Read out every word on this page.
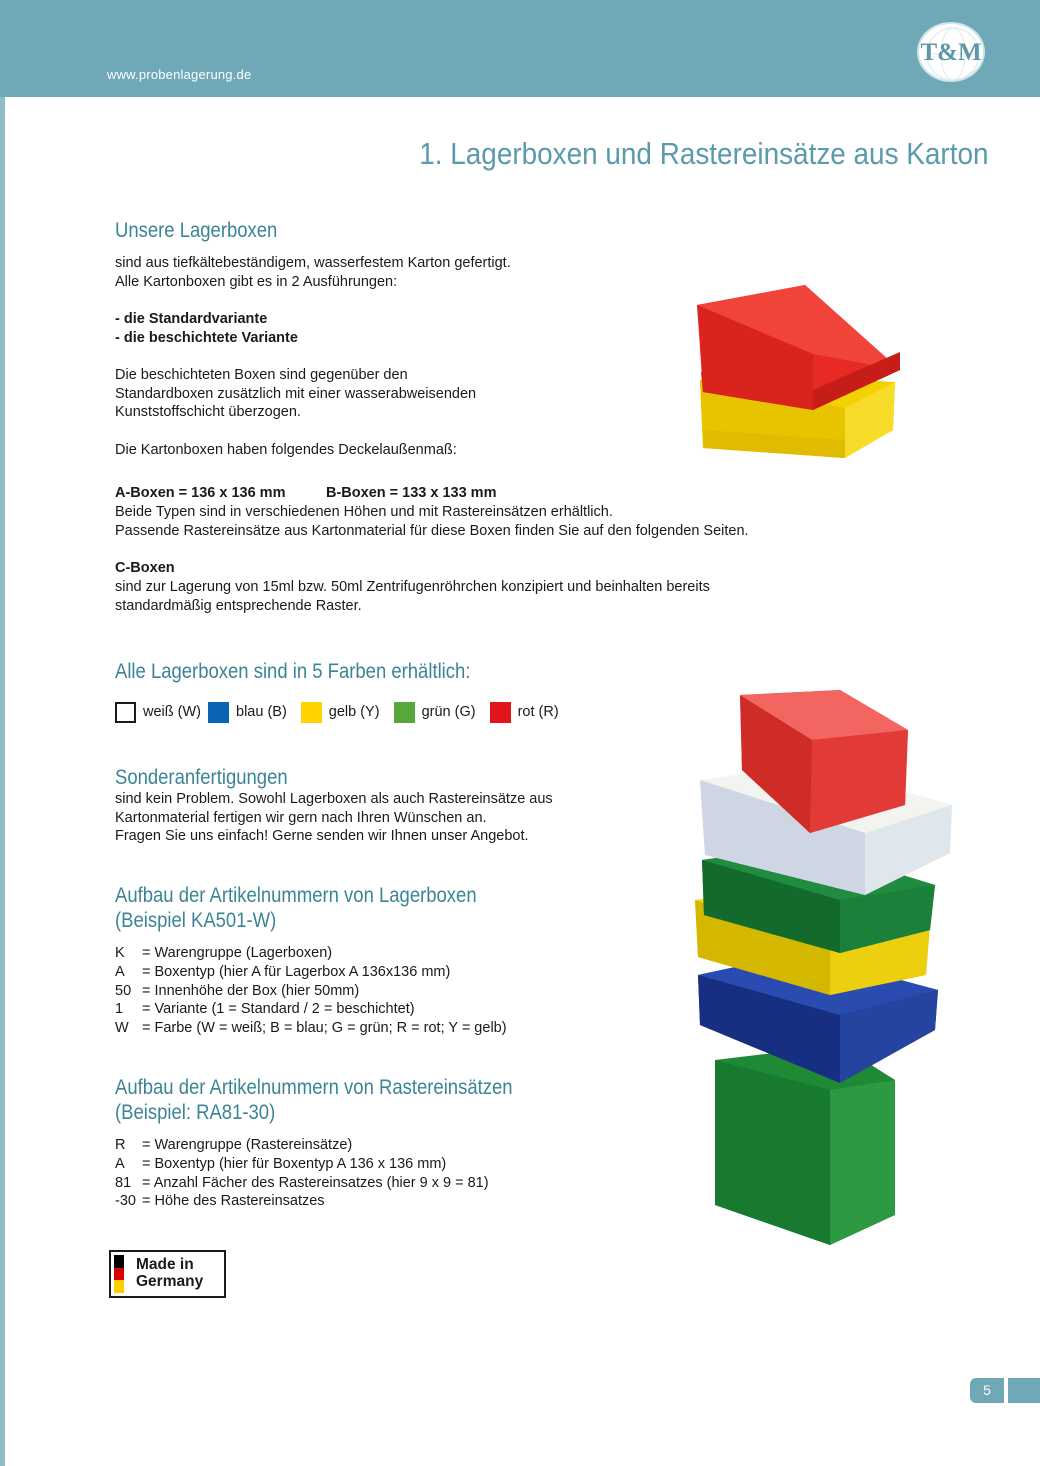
www.probenlagerung.de
T&M
1. Lagerboxen und Rastereinsätze aus Karton
Unsere Lagerboxen
sind aus tiefkältebeständigem, wasserfestem Karton gefertigt.
Alle Kartonboxen gibt es in 2 Ausführungen:
- die Standardvariante
- die beschichtete Variante
Die beschichteten Boxen sind gegenüber den
Standardboxen zusätzlich mit einer wasserabweisenden
Kunststoffschicht überzogen.
Die Kartonboxen haben folgendes Deckelaußenmaß:
A-Boxen = 136 x 136 mm	B-Boxen = 133 x 133 mm
Beide Typen sind in verschiedenen Höhen und mit Rastereinsätzen erhältlich.
Passende Rastereinsätze aus Kartonmaterial für diese Boxen finden Sie auf den folgenden Seiten.
C-Boxen
sind zur Lagerung von 15ml bzw. 50ml Zentrifugenröhrchen konzipiert und beinhalten bereits
standardmäßig entsprechende Raster.
Alle Lagerboxen sind in 5 Farben erhältlich:
weiß (W) blau (B)	gelb (Y)	grün (G)	rot (R)
Sonderanfertigungen
sind kein Problem. Sowohl Lagerboxen als auch Rastereinsätze aus
Kartonmaterial fertigen wir gern nach Ihren Wünschen an.
Fragen Sie uns einfach! Gerne senden wir Ihnen unser Angebot.
Aufbau der Artikelnummern von Lagerboxen
(Beispiel KA501-W)
K	= Warengruppe (Lagerboxen)
A	= Boxentyp (hier A für Lagerbox A 136x136 mm)
50 = Innenhöhe der Box (hier 50mm)
1	= Variante (1 = Standard / 2 = beschichtet)
W = Farbe (W = weiß; B = blau; G = grün; R = rot; Y = gelb)
Aufbau der Artikelnummern von Rastereinsätzen
(Beispiel: RA81-30)
R	= Warengruppe (Rastereinsätze)
A	= Boxentyp (hier für Boxentyp A 136 x 136 mm)
81 = Anzahl Fächer des Rastereinsatzes (hier 9 x 9 = 81)
-30 = Höhe des Rastereinsatzes
Made in
Germany
5
